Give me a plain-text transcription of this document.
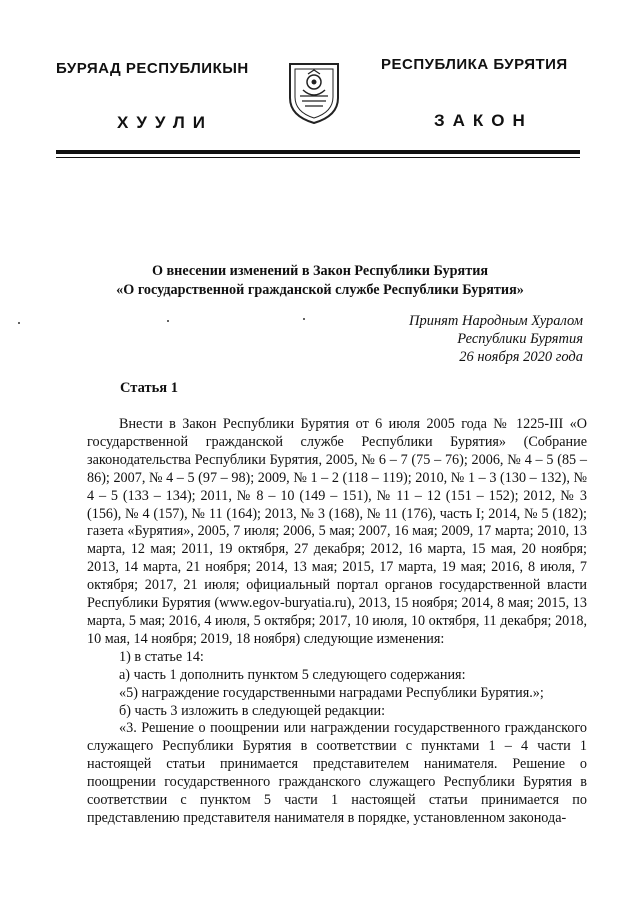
БУРЯАД РЕСПУБЛИКЫН	РЕСПУБЛИКА БУРЯТИЯ
ХУУЛИ	ЗАКОН
О внесении изменений в Закон Республики Бурятия
«О государственной гражданской службе Республики Бурятия»
Принят Народным Хуралом
Республики Бурятия
26 ноября 2020 года
Статья 1

Внести в Закон Республики Бурятия от 6 июля 2005 года № 1225-III «О государственной гражданской службе Республики Бурятия» (Собрание законодательства Республики Бурятия, 2005, № 6 – 7 (75 – 76); 2006, № 4 – 5 (85 – 86); 2007, № 4 – 5 (97 – 98); 2009, № 1 – 2 (118 – 119); 2010, № 1 – 3 (130 – 132), № 4 – 5 (133 – 134); 2011, № 8 – 10 (149 – 151), № 11 – 12 (151 – 152); 2012, № 3 (156), № 4 (157), № 11 (164); 2013, № 3 (168), № 11 (176), часть I; 2014, № 5 (182); газета «Бурятия», 2005, 7 июля; 2006, 5 мая; 2007, 16 мая; 2009, 17 марта; 2010, 13 марта, 12 мая; 2011, 19 октября, 27 декабря; 2012, 16 марта, 15 мая, 20 ноября; 2013, 14 марта, 21 ноября; 2014, 13 мая; 2015, 17 марта, 19 мая; 2016, 8 июля, 7 октября; 2017, 21 июля; официальный портал органов государственной власти Республики Бурятия (www.egov-buryatia.ru), 2013, 15 ноября; 2014, 8 мая; 2015, 13 марта, 5 мая; 2016, 4 июля, 5 октября; 2017, 10 июля, 10 октября, 11 декабря; 2018, 10 мая, 14 ноября; 2019, 18 ноября) следующие изменения:

1) в статье 14:

а) часть 1 дополнить пунктом 5 следующего содержания:

«5) награждение государственными наградами Республики Бурятия.»;

б) часть 3 изложить в следующей редакции:

«3. Решение о поощрении или награждении государственного гражданского служащего Республики Бурятия в соответствии с пунктами 1 – 4 части 1 настоящей статьи принимается представителем нанимателя. Решение о поощрении государственного гражданского служащего Республики Бурятия в соответствии с пунктом 5 части 1 настоящей статьи принимается по представлению представителя нанимателя в порядке, установленном законода-
